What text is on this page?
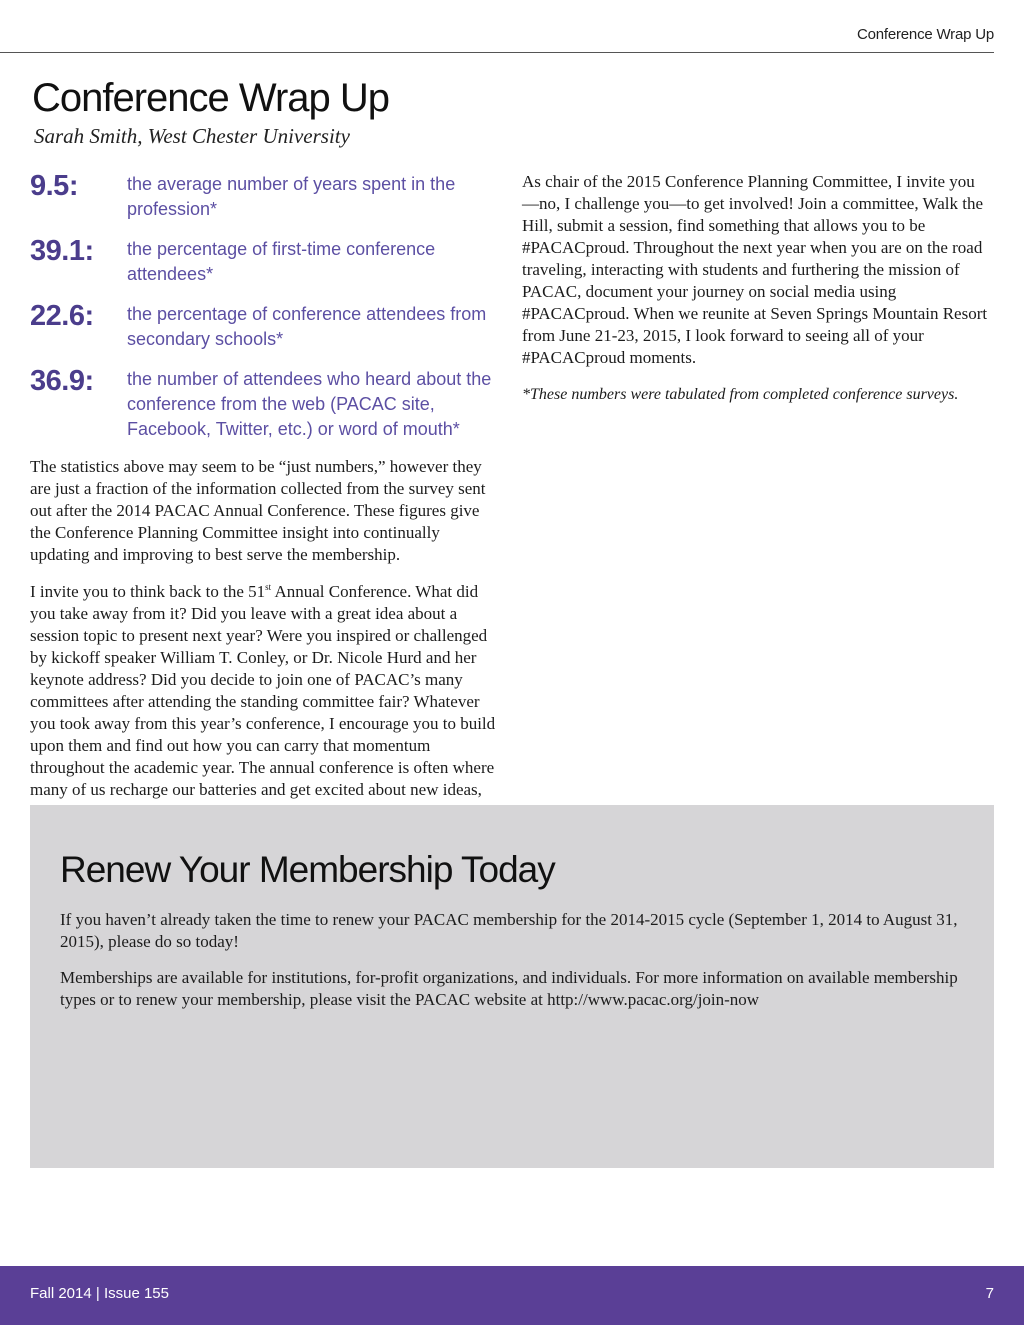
Conference Wrap Up
Conference Wrap Up
Sarah Smith, West Chester University
9.5:	the average number of years spent in the profession*
39.1: the percentage of first-time conference attendees*
22.6: the percentage of conference attendees from secondary schools*
36.9: the number of attendees who heard about the conference from the web (PACAC site, Facebook, Twitter, etc.) or word of mouth*

The statistics above may seem to be “just numbers,” however they are just a fraction of the information collected from the survey sent out after the 2014 PACAC Annual Conference. These figures give the Conference Planning Committee insight into continually updating and improving to best serve the membership.

I invite you to think back to the 51st Annual Conference. What did you take away from it? Did you leave with a great idea about a session topic to present next year? Were you inspired or challenged by kickoff speaker William T. Conley, or Dr. Nicole Hurd and her keynote address? Did you decide to join one of PACAC’s many committees after attending the standing committee fair? Whatever you took away from this year’s conference, I encourage you to build upon them and find out how you can carry that momentum throughout the academic year. The annual conference is often where many of us recharge our batteries and get excited about new ideas,

As chair of the 2015 Conference Planning Committee, I invite you—no, I challenge you—to get involved! Join a committee, Walk the Hill, submit a session, find something that allows you to be #PACACproud. Throughout the next year when you are on the road traveling, interacting with students and furthering the mission of PACAC, document your journey on social media using #PACACproud. When we reunite at Seven Springs Mountain Resort from June 21-23, 2015, I look forward to seeing all of your #PACACproud moments.

*These numbers were tabulated from completed conference surveys.

Renew Your Membership Today

If you haven’t already taken the time to renew your PACAC membership for the 2014-2015 cycle (September 1, 2014 to August 31, 2015), please do so today!

Memberships are available for institutions, for-profit organizations, and individuals. For more information on available membership types or to renew your membership, please visit the PACAC website at http://www.pacac.org/join-now

Fall 2014 | Issue 155	7
